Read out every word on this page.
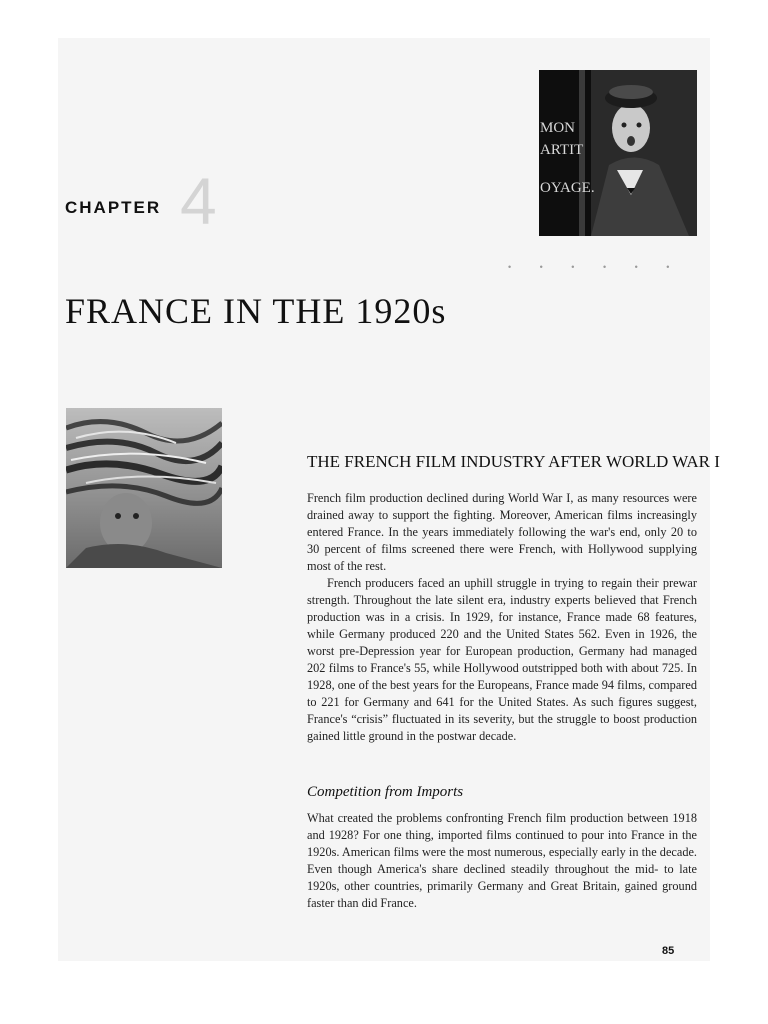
CHAPTER 4
MON
ARTIT
OYAGE.
• • • • • •
FRANCE IN THE 1920s
THE FRENCH FILM INDUSTRY AFTER WORLD WAR I

French film production declined during World War I, as many resources were drained away to support the fighting. Moreover, American films increasingly entered France. In the years immediately following the war's end, only 20 to 30 percent of films screened there were French, with Hollywood supplying most of the rest.

French producers faced an uphill struggle in trying to regain their prewar strength. Throughout the late silent era, industry experts believed that French production was in a crisis. In 1929, for instance, France made 68 features, while Germany produced 220 and the United States 562. Even in 1926, the worst pre-Depression year for European production, Germany had managed 202 films to France's 55, while Hollywood outstripped both with about 725. In 1928, one of the best years for the Europeans, France made 94 films, compared to 221 for Germany and 641 for the United States. As such figures suggest, France's “crisis” fluctuated in its severity, but the struggle to boost production gained little ground in the postwar decade.

Competition from Imports

What created the problems confronting French film production between 1918 and 1928? For one thing, imported films continued to pour into France in the 1920s. American films were the most numerous, especially early in the decade. Even though America's share declined steadily throughout the mid- to late 1920s, other countries, primarily Germany and Great Britain, gained ground faster than did France.

85
